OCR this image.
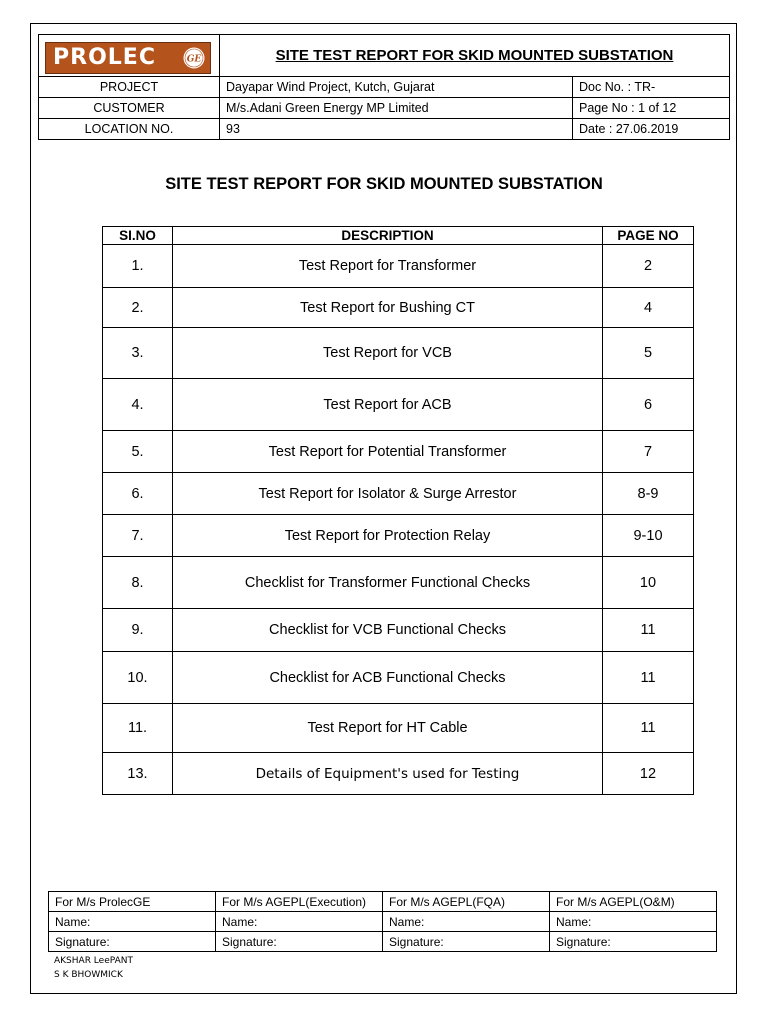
PROLEC GE	SITE TEST REPORT FOR SKID MOUNTED SUBSTATION	
PROJECT	Dayapar Wind Project, Kutch, Gujarat	Doc No. : TR-
CUSTOMER	M/s.Adani Green Energy MP Limited	Page No : 1 of 12
LOCATION NO.	93	Date : 27.06.2019
SITE TEST REPORT FOR SKID MOUNTED SUBSTATION
SI.NO	DESCRIPTION	PAGE NO
1.	Test Report for Transformer	2
2.	Test Report for Bushing CT	4
3.	Test Report for VCB	5
4.	Test Report for ACB	6
5.	Test Report for Potential Transformer	7
6.	Test Report for Isolator & Surge Arrestor	8-9
7.	Test Report for Protection Relay	9-10
8.	Checklist for Transformer Functional Checks	10
9.	Checklist for VCB Functional Checks	11
10.	Checklist for ACB Functional Checks	11
11.	Test Report for HT Cable	11
13.	Details of Equipment's used for Testing	12
For M/s ProlecGE	For M/s AGEPL(Execution)	For M/s AGEPL(FQA)	For M/s AGEPL(O&M)
Name:	Name:	Name:	Name:
Signature:	Signature:	Signature:	Signature:
AKSHAR LeePANT
S K BHOWMICK
